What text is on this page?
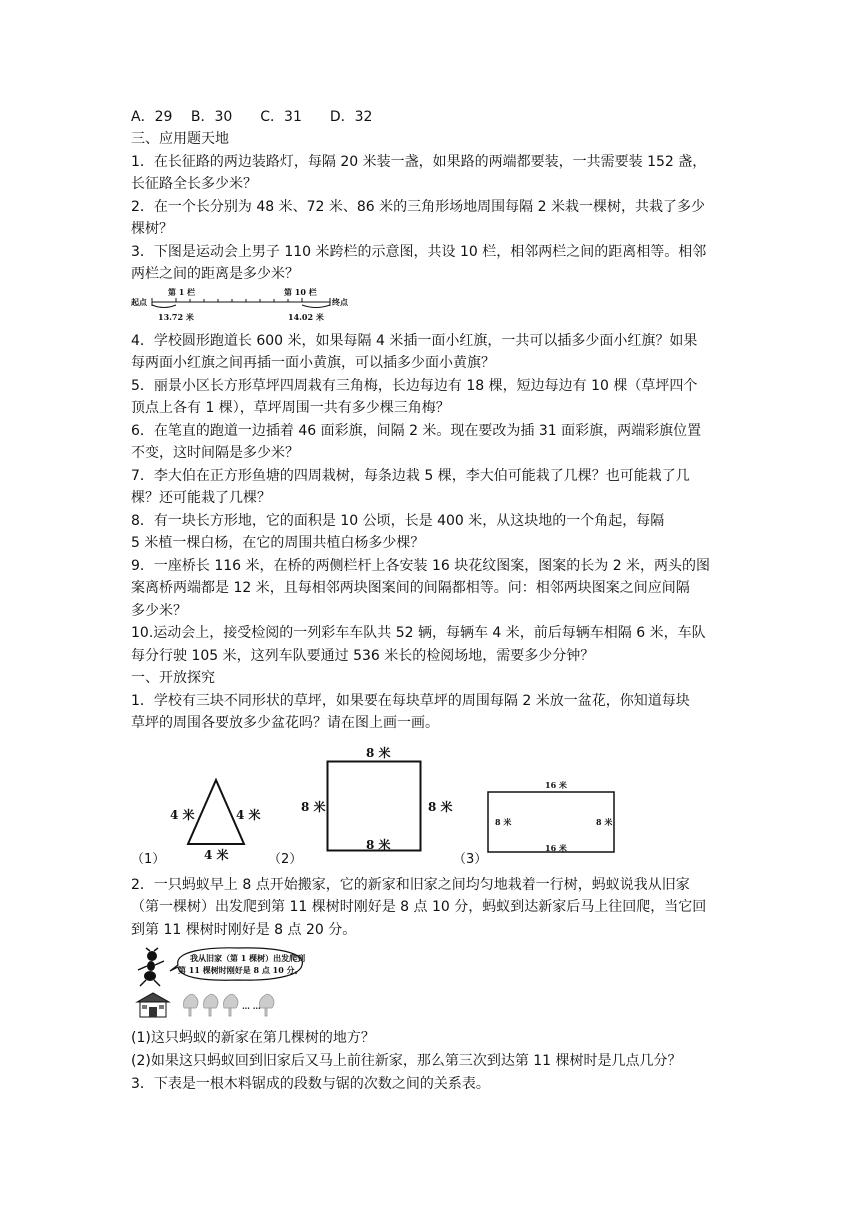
A．29　 B．30　　C．31　　D．32
三、应用题天地
1．在长征路的两边装路灯，每隔 20 米装一盏，如果路的两端都要装，一共需要装 152 盏，
长征路全长多少米？
2．在一个长分别为 48 米、72 米、86 米的三角形场地周围每隔 2 米栽一棵树，共栽了多少
棵树？
3．下图是运动会上男子 110 米跨栏的示意图，共设 10 栏，相邻两栏之间的距离相等。相邻
两栏之间的距离是多少米？
第 1 栏	第 10 栏
起点	终点
13.72 米	14.02 米
4．学校圆形跑道长 600 米，如果每隔 4 米插一面小红旗，一共可以插多少面小红旗？如果
每两面小红旗之间再插一面小黄旗，可以插多少面小黄旗？
5．丽景小区长方形草坪四周栽有三角梅，长边每边有 18 棵，短边每边有 10 棵（草坪四个
顶点上各有 1 棵），草坪周围一共有多少棵三角梅？
6．在笔直的跑道一边插着 46 面彩旗，间隔 2 米。现在要改为插 31 面彩旗，两端彩旗位置
不变，这时间隔是多少米？
7．李大伯在正方形鱼塘的四周栽树，每条边栽 5 棵，李大伯可能栽了几棵？也可能栽了几
棵？还可能栽了几棵？
8．有一块长方形地，它的面积是 10 公顷，长是 400 米，从这块地的一个角起，每隔
5 米植一棵白杨，在它的周围共植白杨多少棵？
9．一座桥长 116 米，在桥的两侧栏杆上各安装 16 块花纹图案，图案的长为 2 米，两头的图
案离桥两端都是 12 米，且每相邻两块图案间的间隔都相等。问：相邻两块图案之间应间隔
多少米？
10.运动会上，接受检阅的一列彩车车队共 52 辆，每辆车 4 米，前后每辆车相隔 6 米，车队
每分行驶 105 米，这列车队要通过 536 米长的检阅场地，需要多少分钟？
一、开放探究
1．学校有三块不同形状的草坪，如果要在每块草坪的周围每隔 2 米放一盆花，你知道每块
草坪的周围各要放多少盆花吗？请在图上画一画。
4 米	4 米
4 米
（1）
8 米
8 米	8 米
8 米
（2）
16 米
16 米
8 米	8 米
（3）
2．一只蚂蚁早上 8 点开始搬家，它的新家和旧家之间均匀地栽着一行树，蚂蚁说我从旧家
（第一棵树）出发爬到第 11 棵树时刚好是 8 点 10 分，蚂蚁到达新家后马上往回爬，当它回
到第 11 棵树时刚好是 8 点 20 分。
我从旧家（第 1 棵树）出发爬到
第 11 棵树时刚好是 8 点 10 分。
… …
(1)这只蚂蚁的新家在第几棵树的地方？
(2)如果这只蚂蚁回到旧家后又马上前往新家，那么第三次到达第 11 棵树时是几点几分？
3．下表是一根木料锯成的段数与锯的次数之间的关系表。
